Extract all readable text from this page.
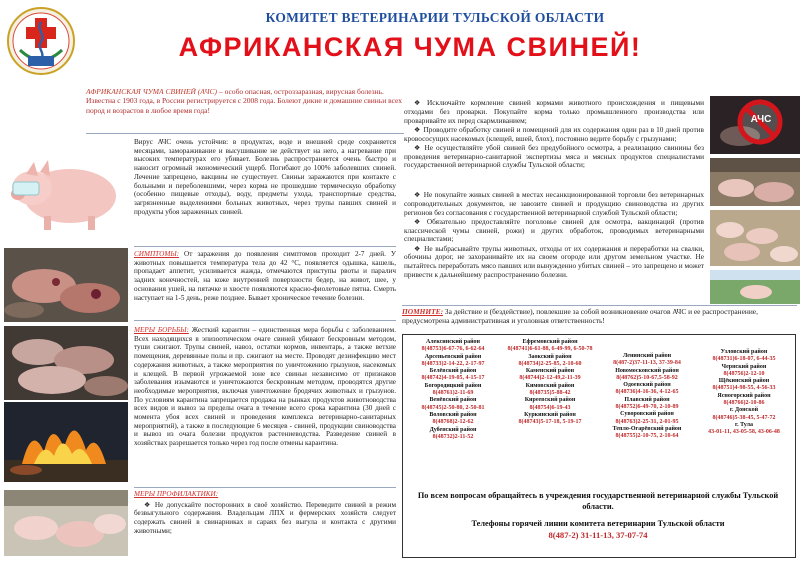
КОМИТЕТ ВЕТЕРИНАРИИ ТУЛЬСКОЙ ОБЛАСТИ
АФРИКАНСКАЯ ЧУМА СВИНЕЙ!
АФРИКАНСКАЯ ЧУМА СВИНЕЙ (АЧС) – особо опасная, остроззаразная, вирусная болезнь. Известна с 1903 года, в России регистрируется с 2008 года. Болеют дикие и домашние свиньи всех пород и возрастов в любое время года!
Вирус АЧС очень устойчив: в продуктах, воде и внешней среде сохраняется месяцами, замораживание и высушивание не действует на него, а нагревание при высоких температурах его убивает. Болезнь распространяется очень быстро и наносит огромный экономический ущерб. Погибают до 100% заболевших свиней. Лечение запрещено, вакцины не существует. Свиньи заражаются при контакте с больными и переболевшими, через корма не прошедшие термическую обработку (особенно пищевые отходы), воду, предметы ухода, транспортные средства, загрязненные выделениями больных животных, через трупы павших свиней и продукты убоя зараженных свиней.
СИМПТОМЫ: От заражения до появления симптомов проходит 2-7 дней. У животных повышается температура тела до 42 °С, появляется одышка, кашель, пропадает аппетит, усиливается жажда, отмечаются приступы рвоты и паралич задних конечностей, на коже внутренней поверхности бедер, на живот, шее, у основания ушей, на пятачке и хвосте появляются красно-фиолетовые пятна. Смерть наступает на 1-5 день, реже позднее. Бывает хроническое течение болезни.
МЕРЫ БОРЬБЫ: Жесткий карантин – единственная мера борьбы с заболеванием. Всех находящихся в эпизоотическом очаге свиней убивают бескровным методом, туши сжигают. Трупы свиней, навоз, остатки кормов, инвентарь, а также ветхие помещения, деревянные полы и пр. сжигают на месте. Проводят дезинфекцию мест содержания животных, а также мероприятия по уничтожению грызунов, насекомых и клещей. В первой угрожаемой зоне все свиньи независимо от признаков заболевания изымаются и уничтожаются бескровным методом, проводятся другие необходимые мероприятия, включая уничтожение бродячих животных и грызунов. По условиям карантина запрещается продажа на рынках продуктов животноводства всех видов и вывоз за пределы очага в течение всего срока карантина (30 дней с момента убоя всех свиней и проведения комплекса ветеринарно-санитарных мероприятий), а также в последующие 6 месяцев - свиней, продукции свиноводства и вывоз из очага болезни продуктов растениеводства. Разведение свиней в хозяйствах разрешается только через год после отмены карантина.
МЕРЫ ПРОФИЛАКТИКИ:
❖ Не допускайте посторонних в своё хозяйство. Переведите свиней в режим безвыгульного содержания. Владельцам ЛПХ и фермерских хозяйств следует содержать свиней в свинарниках и сараях без выгула и контакта с другими животными;

❖ Исключайте кормление свиней кормами животного происхождения и пищевыми отходами без проварки. Покупайте корма только промышленного производства или проваривайте их перед скармливанием;

❖ Проводите обработку свиней и помещений для их содержания один раз в 10 дней против кровососущих насекомых (клещей, вшей, блох), постоянно ведите борьбу с грызунами;

❖ Не осуществляйте убой свиней без предубойного осмотра, а реализацию свинины без проведения ветеринарно-санитарной экспертизы мяса и мясных продуктов специалистами государственной ветеринарной службы Тульской области;

❖ Не покупайте живых свиней в местах несанкционированной торговли без ветеринарных сопроводительных документов, не завозите свиней и продукцию свиноводства из других регионов без согласования с государственной ветеринарной службой Тульской области;

❖ Обязательно предоставляйте поголовье свиней для осмотра, вакцинаций (против классической чумы свиней, рожи) и других обработок, проводимых ветеринарными специалистами;

❖ Не выбрасывайте трупы животных, отходы от их содержания и переработки на свалки, обочины дорог, не захоранивайте их на своем огороде или другом земельном участке. Не пытайтесь переработать мясо павших или вынужденно убитых свиней – это запрещено и может привести к дальнейшему распространению болезни.

АЧС
ПОМНИТЕ: За действие и (бездействие), повлекшие за собой возникновение очагов АЧС и ее распространение, предусмотрена административная и уголовная ответственность!
Алексинский район
8(48753)6-67-76, 6-62-64
Арсеньевский район
8(48733)2-14-22, 2-17-97
Белёвский район
8(48742)4-19-05, 4-15-17
Богородицкий район
8(48761)2-11-69
Венёвский район
8(48745)2-50-80, 2-50-81
Воловский район
8(48768)2-12-62
Дубенский район
8(48732)2-11-52
Ефремовский район
8(48741)6-61-88, 6-49-99, 6-50-78
Заокский район
8(48734)2-25-85, 2-10-60
Каменский район
8(48744)2-12-49,2-11-39
Кимовский район
8(48735)5-88-42
Киреевский район
8(48754)6-19-43
Куркинский район
8(48743)5-17-18, 5-19-17
Ленинский район
8(487-2)37-11-13, 37-39-84
Новомосковский район
8(48762)5-10-67,5-58-92
Одоевский район
8(48736)4-16-36, 4-12-65
Плавский район
8(48752)6-49-70, 2-10-89
Суворовский район
8(48763)2-25-31, 2-01-95
Тепло-Огарёвский район
8(48755)2-10-75, 2-10-64
Узловский район
8(48731)6-18-07, 6-44-35
Чернский район
8(48756)2-12-10
Щёкинский район
8(48751)4-98-55, 4-56-33
Ясногорский район
8(48766)2-10-86
г. Донской
8(48746)5-38-45, 5-47-72
г. Тула
43-01-11, 43-05-58, 43-06-48
По всем вопросам обращайтесь в учреждения государственной ветеринарной службы Тульской области.
Телефоны горячей линии комитета ветеринарии Тульской области
8(487-2) 31-11-13, 37-07-74
